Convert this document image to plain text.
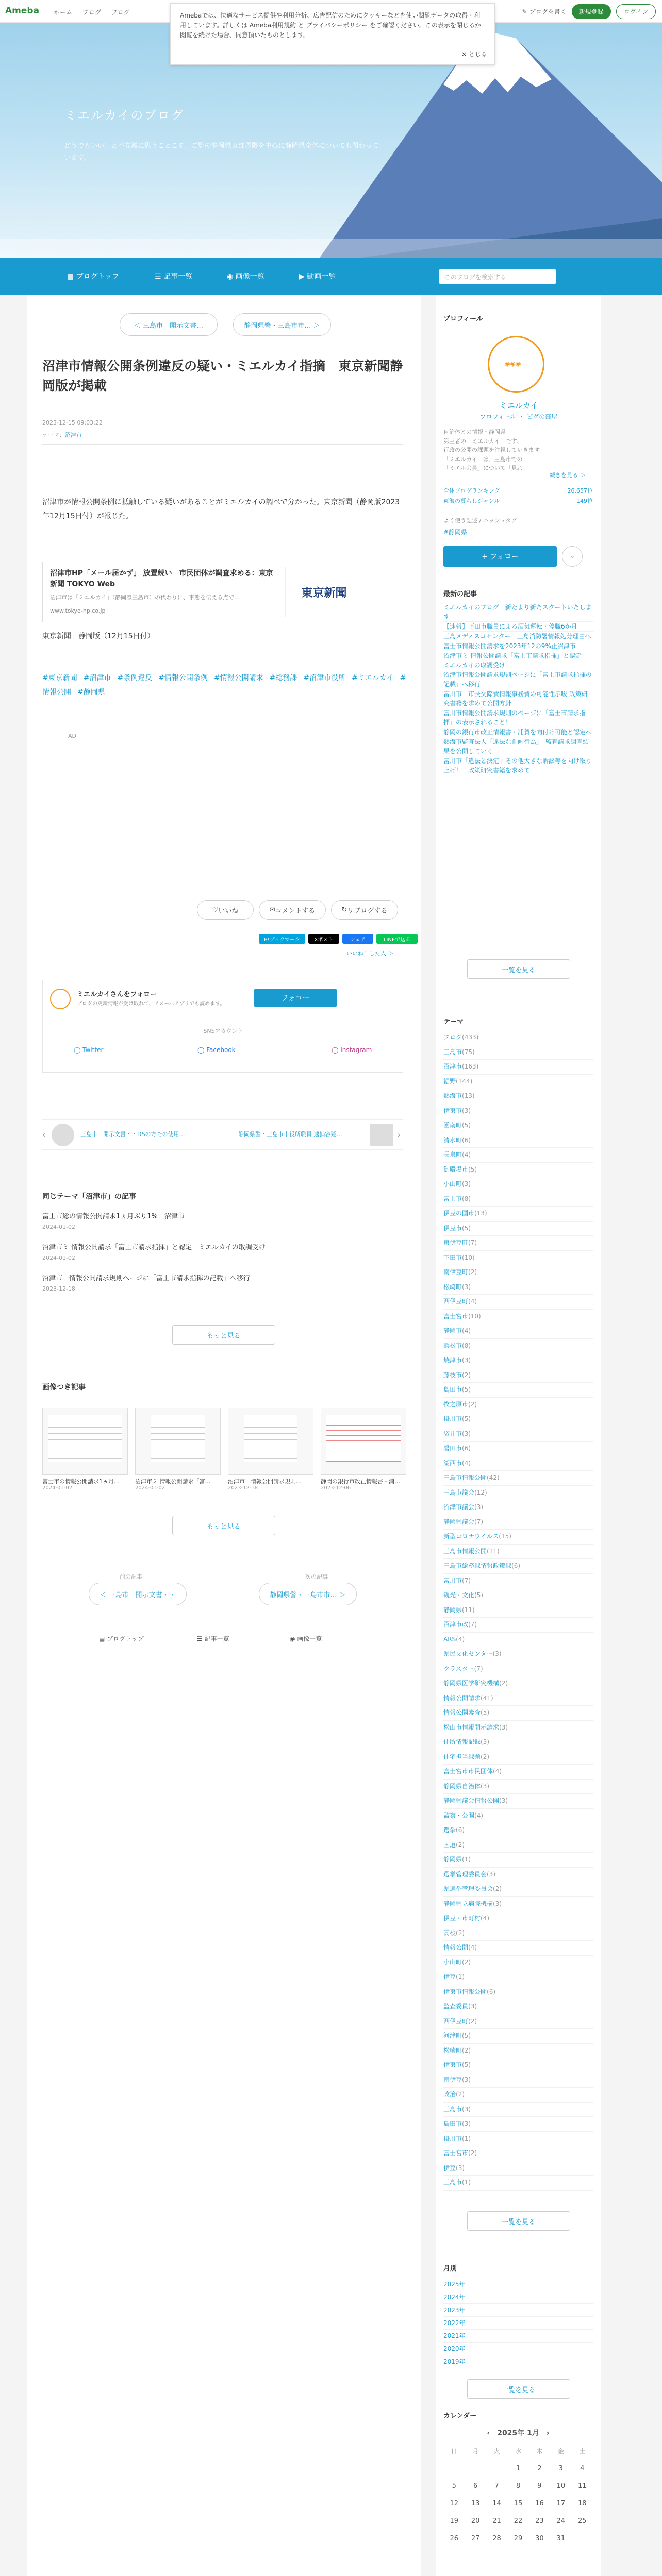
Ameba ホーム ブログ ブログ	✎ ブログを書く	新規登録	ログイン
ミエルカイのブログ
どうでもいい！と不安減に思うことこそ、ご覧の静岡県東部界隈を中心に静岡県全体についても関わっています。
Amebaでは、快適なサービス提供や利用分析、広告配信のためにクッキーなどを使い閲覧データの取得・利用しています。詳しくは Ameba利用規約 と プライバシーポリシー をご確認ください。この表示を閉じるか閲覧を続けた場合、同意頂いたものとします。
× とじる
▤ ブログトップ	☰ 記事一覧	◉ 画像一覧	▶ 動画一覧	このブログを検索する
＜ 三島市　開示文書…	静岡県警・三島市市… ＞
沼津市情報公開条例違反の疑い・ミエルカイ指摘　東京新聞静岡版が掲載
2023-12-15 09:03:22
テーマ：沼津市
沼津市が情報公開条例に抵触している疑いがあることがミエルカイの調べで分かった。東京新聞（静岡版2023年12月15日付）が報じた。
沼津市HP「メール届かず」 放置続い　市民団体が調査求める：東京新聞 TOKYO Web
沼津市は「ミエルカイ」（静岡県三島市）の代わりに、事態を伝える点で…
www.tokyo-np.co.jp
東京新聞
東京新聞　静岡版（12月15日付）
#東京新聞 #沼津市 #条例違反 #情報公開条例 #情報公開請求 #総務課 #沼津市役所 #ミエルカイ #情報公開 #静岡県
AD
♡ いいね	✉ コメントする	↻ リブログする
B!ブックマーク	Xポスト	シェア	LINEで送る
いいね！した人 ＞
ミエルカイさんをフォロー
ブログの更新情報が受け取れて、アメーバアプリでも読めます。
フォロー
SNSアカウント
◯ Twitter	◯ Facebook	◯ Instagram
‹	三島市　開示文書・・DSの方での使用…	静岡県警・三島市市役所職員 逮捕容疑…	›
同じテーマ「沼津市」の記事
富士市総の情報公開請求1ヵ月ぶり1%　沼津市
2024-01-02
沼津市ミ 情報公開請求「富士市請求指揮」と認定　ミエルカイの取調受け
2024-01-02
沼津市　情報公開請求規則ページに「富士市請求指揮の記載」へ移行
2023-12-18
もっと見る
画像つき記事
富士市の情報公開請求1ヵ月…
2024-01-02
沼津市ミ 情報公開請求「富…
2024-01-02
沼津市　情報公開請求規則…
2023-12-18
静岡の銀行市改正情報書・浦…
2023-12-06
もっと見る
前の記事	次の記事
＜ 三島市　開示文書・・	静岡県警・三島市市… ＞
▤ ブログトップ	☰ 記事一覧	◉ 画像一覧
プロフィール
◉◉◉
ミエルカイ
プロフィール ・ ピグの部屋
自治体との情報・静岡県
第三者の「ミエルカイ」です。
行政の公開の課題を注視していきます
「ミエルカイ」は、三島市での
「ミエル会員」について「見れ
続きを見る ＞
全体ブログランキング	26,657位
東海の暮らしジャンル	149位
よく使う記述 / ハッシュタグ
#静岡県
+ フォロー	⌄
最新の記事
ミエルカイのブログ　新たより新たスタートいたします
【速報】下田市職員による酒気運転・停職6か月
三島メディスコセンター　三島消防署情報処分理由へ
富士市情報公開請求を2023年12の9%止沼津市
沼津市ミ 情報公開請求「富士市請求指揮」と認定　ミエルカイの取調受け
沼津市情報公開請求規則ページに「富士市請求指揮の記載」へ移行
富川市　市長交際費情報事務費の可能性示唆 政策研究書籍を求めて公開方針
富川市情報公開請求規則のページに「富士市請求指揮」の表示されること！
静岡の銀行市改正情報書・浦賀を向付け可能と認定へ
熱海市監査法人「違法な計画行為」　監査請求調査結果を公開していく
富川市「違法と決定」その他大きな訴訟等を向け取り上げ！　政策研究書籍を求めて
一覧を見る
テーマ
ブログ(433)
三島市(75)
沼津市(163)
裾野(144)
熱海市(13)
伊東市(3)
函南町(5)
清水町(6)
長泉町(4)
御殿場市(5)
小山町(3)
富士市(8)
伊豆の国市(13)
伊豆市(5)
東伊豆町(7)
下田市(10)
南伊豆町(2)
松崎町(3)
西伊豆町(4)
富士宮市(10)
静岡市(4)
浜松市(8)
焼津市(3)
藤枝市(2)
島田市(5)
牧之原市(2)
掛川市(5)
袋井市(3)
磐田市(6)
湖西市(4)
三島市情報公開(42)
三島市議会(12)
沼津市議会(3)
静岡県議会(7)
新型コロナウイルス(15)
三島市情報公開(11)
三島市総務課情報政策課(6)
富川市(7)
観光・文化(5)
静岡県(11)
沼津市政(7)
ARS(4)
県民文化センター(3)
クラスター(7)
静岡県医学研究機構(2)
情報公開請求(41)
情報公開審査(5)
松山市情報開示請求(3)
住所情報記録(3)
住宅担当課題(2)
富士宮市市民団体(4)
静岡県自治体(3)
静岡県議会情報公開(3)
監察・公開(4)
選挙(6)
国道(2)
静岡県(1)
選挙管理委員会(3)
県選挙管理委員会(2)
静岡県立病院機構(3)
伊豆・市町村(4)
高校(2)
情報公開(4)
小山町(2)
伊豆(1)
伊東市情報公開(6)
監査委員(3)
西伊豆町(2)
河津町(5)
松崎町(2)
伊東市(5)
南伊豆(3)
政治(2)
三島市(3)
島田市(3)
掛川市(1)
富士宮市(2)
伊豆(3)
三島市(1)
一覧を見る
月別
2025年
2024年
2023年
2022年
2021年
2020年
2019年
一覧を見る
カレンダー
‹　 2025年 1月　 ›
日	月	火	水	木	金	土
			1	2	3	4
5	6	7	8	9	10	11
12	13	14	15	16	17	18
19	20	21	22	23	24	25
26	27	28	29	30	31	
